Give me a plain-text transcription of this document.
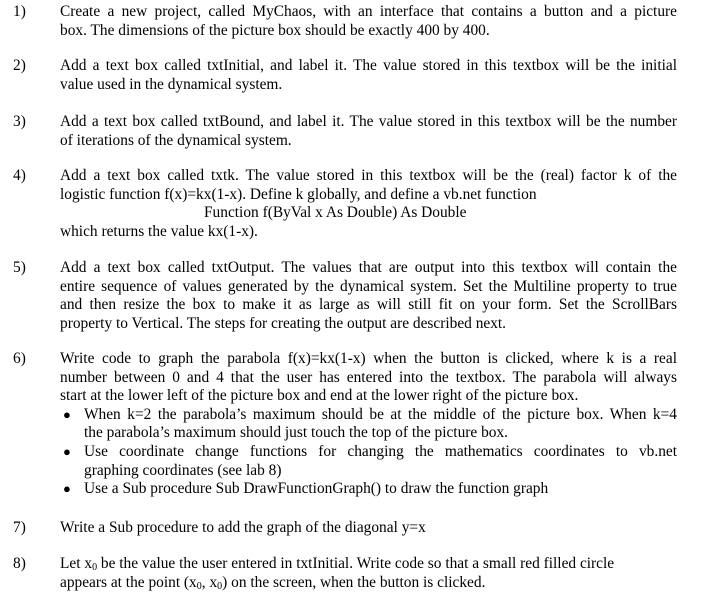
1) Create a new project, called MyChaos, with an interface that contains a button and a picture
box. The dimensions of the picture box should be exactly 400 by 400.
2) Add a text box called txtInitial, and label it. The value stored in this textbox will be the initial
value used in the dynamical system.
3) Add a text box called txtBound, and label it. The value stored in this textbox will be the number
of iterations of the dynamical system.
4) Add a text box called txtk. The value stored in this textbox will be the (real) factor k of the
logistic function f(x)=kx(1-x). Define k globally, and define a vb.net function
Function f(ByVal x As Double) As Double
which returns the value kx(1-x).
5) Add a text box called txtOutput. The values that are output into this textbox will contain the
entire sequence of values generated by the dynamical system. Set the Multiline property to true
and then resize the box to make it as large as will still fit on your form. Set the ScrollBars
property to Vertical. The steps for creating the output are described next.
6) Write code to graph the parabola f(x)=kx(1-x) when the button is clicked, where k is a real
number between 0 and 4 that the user has entered into the textbox. The parabola will always
start at the lower left of the picture box and end at the lower right of the picture box.
● When k=2 the parabola’s maximum should be at the middle of the picture box. When k=4
the parabola’s maximum should just touch the top of the picture box.
● Use coordinate change functions for changing the mathematics coordinates to vb.net
graphing coordinates (see lab 8)
● Use a Sub procedure Sub DrawFunctionGraph() to draw the function graph
7) Write a Sub procedure to add the graph of the diagonal y=x
8) Let $x_0$ be the value the user entered in txtInitial. Write code so that a small red filled circle
appears at the point ($x_0$, $x_0$) on the screen, when the button is clicked.
